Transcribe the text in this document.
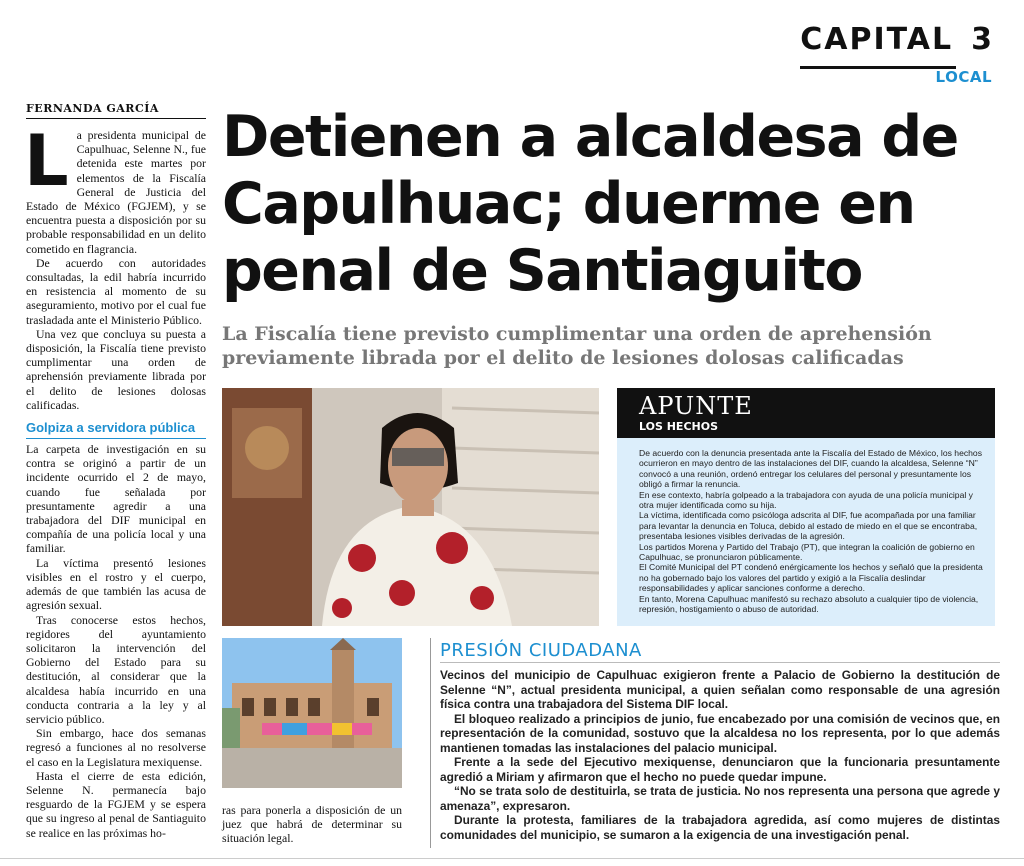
CAPITAL 3
LOCAL
FERNANDA GARCÍA

La presidenta municipal de Capulhuac, Selenne N., fue detenida este martes por elementos de la Fiscalía General de Justicia del Estado de México (FGJEM), y se encuentra puesta a disposición por su probable responsabilidad en un delito cometido en flagrancia.

De acuerdo con autoridades consultadas, la edil habría incurrido en resistencia al momento de su aseguramiento, motivo por el cual fue trasladada ante el Ministerio Público.

Una vez que concluya su puesta a disposición, la Fiscalía tiene previsto cumplimentar una orden de aprehensión previamente librada por el delito de lesiones dolosas calificadas.

Golpiza a servidora pública

La carpeta de investigación en su contra se originó a partir de un incidente ocurrido el 2 de mayo, cuando fue señalada por presuntamente agredir a una trabajadora del DIF municipal en compañía de una policía local y una familiar.

La víctima presentó lesiones visibles en el rostro y el cuerpo, además de que también las acusa de agresión sexual.

Tras conocerse estos hechos, regidores del ayuntamiento solicitaron la intervención del Gobierno del Estado para su destitución, al considerar que la alcaldesa había incurrido en una conducta contraria a la ley y al servicio público.

Sin embargo, hace dos semanas regresó a funciones al no resolverse el caso en la Legislatura mexiquense.

Hasta el cierre de esta edición, Selenne N. permanecía bajo resguardo de la FGJEM y se espera que su ingreso al penal de Santiaguito se realice en las próximas ho-

Detienen a alcaldesa de Capulhuac; duerme en penal de Santiaguito
La Fiscalía tiene previsto cumplimentar una orden de aprehensión previamente librada por el delito de lesiones dolosas calificadas
APUNTE
LOS HECHOS

De acuerdo con la denuncia presentada ante la Fiscalía del Estado de México, los hechos ocurrieron en mayo dentro de las instalaciones del DIF, cuando la alcaldesa, Selenne “N” convocó a una reunión, ordenó entregar los celulares del personal y presuntamente los obligó a firmar la renuncia.

En ese contexto, habría golpeado a la trabajadora con ayuda de una policía municipal y otra mujer identificada como su hija.

La víctima, identificada como psicóloga adscrita al DIF, fue acompañada por una familiar para levantar la denuncia en Toluca, debido al estado de miedo en el que se encontraba, presentaba lesiones visibles derivadas de la agresión.

Los partidos Morena y Partido del Trabajo (PT), que integran la coalición de gobierno en Capulhuac, se pronunciaron públicamente.

El Comité Municipal del PT condenó enérgicamente los hechos y señaló que la presidenta no ha gobernado bajo los valores del partido y exigió a la Fiscalía deslindar responsabilidades y aplicar sanciones conforme a derecho.

En tanto, Morena Capulhuac manifestó su rechazo absoluto a cualquier tipo de violencia, represión, hostigamiento o abuso de autoridad.

ras para ponerla a disposición de un juez que habrá de determinar su situación legal.
PRESIÓN CIUDADANA

Vecinos del municipio de Capulhuac exigieron frente a Palacio de Gobierno la destitución de Selenne “N”, actual presidenta municipal, a quien señalan como responsable de una agresión física contra una trabajadora del Sistema DIF local.

El bloqueo realizado a principios de junio, fue encabezado por una comisión de vecinos que, en representación de la comunidad, sostuvo que la alcaldesa no los representa, por lo que además mantienen tomadas las instalaciones del palacio municipal.

Frente a la sede del Ejecutivo mexiquense, denunciaron que la funcionaria presuntamente agredió a Miriam y afirmaron que el hecho no puede quedar impune.

“No se trata solo de destituirla, se trata de justicia. No nos representa una persona que agrede y amenaza”, expresaron.

Durante la protesta, familiares de la trabajadora agredida, así como mujeres de distintas comunidades del municipio, se sumaron a la exigencia de una investigación penal.
